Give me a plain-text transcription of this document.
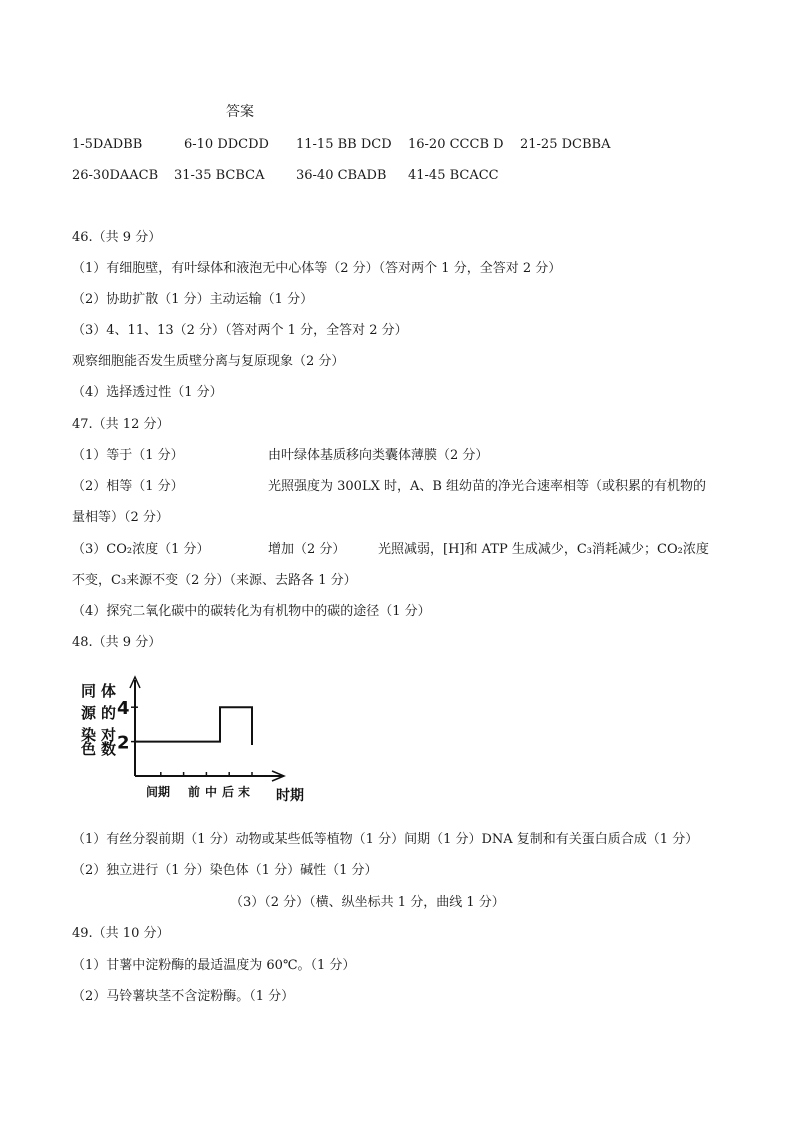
答案
1-5DADBB	6-10 DDCDD 11-15 BB DCD 16-20 CCCB D 21-25 DCBBA
26-30DAACB 31-35 BCBCA 36-40 CBADB 41-45 BCACC
46.（共 9 分）
（1）有细胞壁，有叶绿体和液泡无中心体等（2 分）（答对两个 1 分，全答对 2 分）
（2）协助扩散（1 分）主动运输（1 分）
（3）4、11、13（2 分）（答对两个 1 分，全答对 2 分）
观察细胞能否发生质壁分离与复原现象（2 分）
（4）选择透过性（1 分）
47.（共 12 分）
（1）等于（1 分）	由叶绿体基质移向类囊体薄膜（2 分）
（2）相等（1 分）	光照强度为 300LX 时，A、B 组幼苗的净光合速率相等（或积累的有机物的
量相等）（2 分）
（3）CO₂浓度（1 分）	增加（2 分）	光照减弱，[H]和 ATP 生成减少，C₃消耗减少；CO₂浓度
不变，C₃来源不变（2 分）（来源、去路各 1 分）
（4）探究二氧化碳中的碳转化为有机物中的碳的途径（1 分）
48.（共 9 分）
同 体
源 的
染 对
色 数 2
4
间期 前 中 后 末 时期
（1）有丝分裂前期（1 分）动物或某些低等植物（1 分）间期（1 分）DNA 复制和有关蛋白质合成（1 分）
（2）独立进行（1 分）染色体（1 分）碱性（1 分）
（3）（2 分）（横、纵坐标共 1 分，曲线 1 分）
49.（共 10 分）
（1）甘薯中淀粉酶的最适温度为 60℃。（1 分）
（2）马铃薯块茎不含淀粉酶。（1 分）
